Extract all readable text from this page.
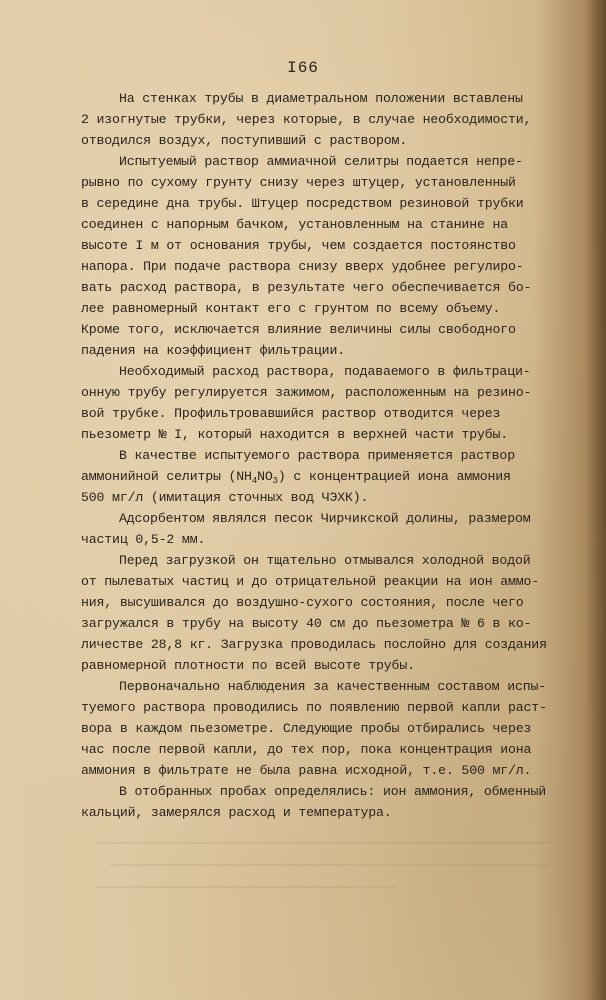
I66
На стенках трубы в диаметральном положении вставлены
2 изогнутые трубки, через которые, в случае необходимости,
отводился воздух, поступивший с раствором.
Испытуемый раствор аммиачной селитры подается непре-
рывно по сухому грунту снизу через штуцер, установленный
в середине дна трубы. Штуцер посредством резиновой трубки
соединен с напорным бачком, установленным на станине на
высоте I м от основания трубы, чем создается постоянство
напора. При подаче раствора снизу вверх удобнее регулиро-
вать расход раствора, в результате чего обеспечивается бо-
лее равномерный контакт его с грунтом по всему объему.
Кроме того, исключается влияние величины силы свободного
падения на коэффициент фильтрации.
Необходимый расход раствора, подаваемого в фильтраци-
онную трубу регулируется зажимом, расположенным на резино-
вой трубке. Профильтровавшийся раствор отводится через
пьезометр № I, который находится в верхней части трубы.
В качестве испытуемого раствора применяется раствор
аммонийной селитры $(NH_4NO_3)$ с концентрацией иона аммония
500 мг/л (имитация сточных вод ЧЭХК).
Адсорбентом являлся песок Чирчикской долины, размером
частиц 0,5-2 мм.
Перед загрузкой он тщательно отмывался холодной водой
от пылеватых частиц и до отрицательной реакции на ион аммо-
ния, высушивался до воздушно-сухого состояния, после чего
загружался в трубу на высоту 40 см до пьезометра № 6 в ко-
личестве 28,8 кг. Загрузка проводилась послойно для создания
равномерной плотности по всей высоте трубы.
Первоначально наблюдения за качественным составом испы-
туемого раствора проводились по появлению первой капли раст-
вора в каждом пьезометре. Следующие пробы отбирались через
час после первой капли, до тех пор, пока концентрация иона
аммония в фильтрате не была равна исходной, т.е. 500 мг/л.
В отобранных пробах определялись: ион аммония, обменный
кальций, замерялся расход и температура.
